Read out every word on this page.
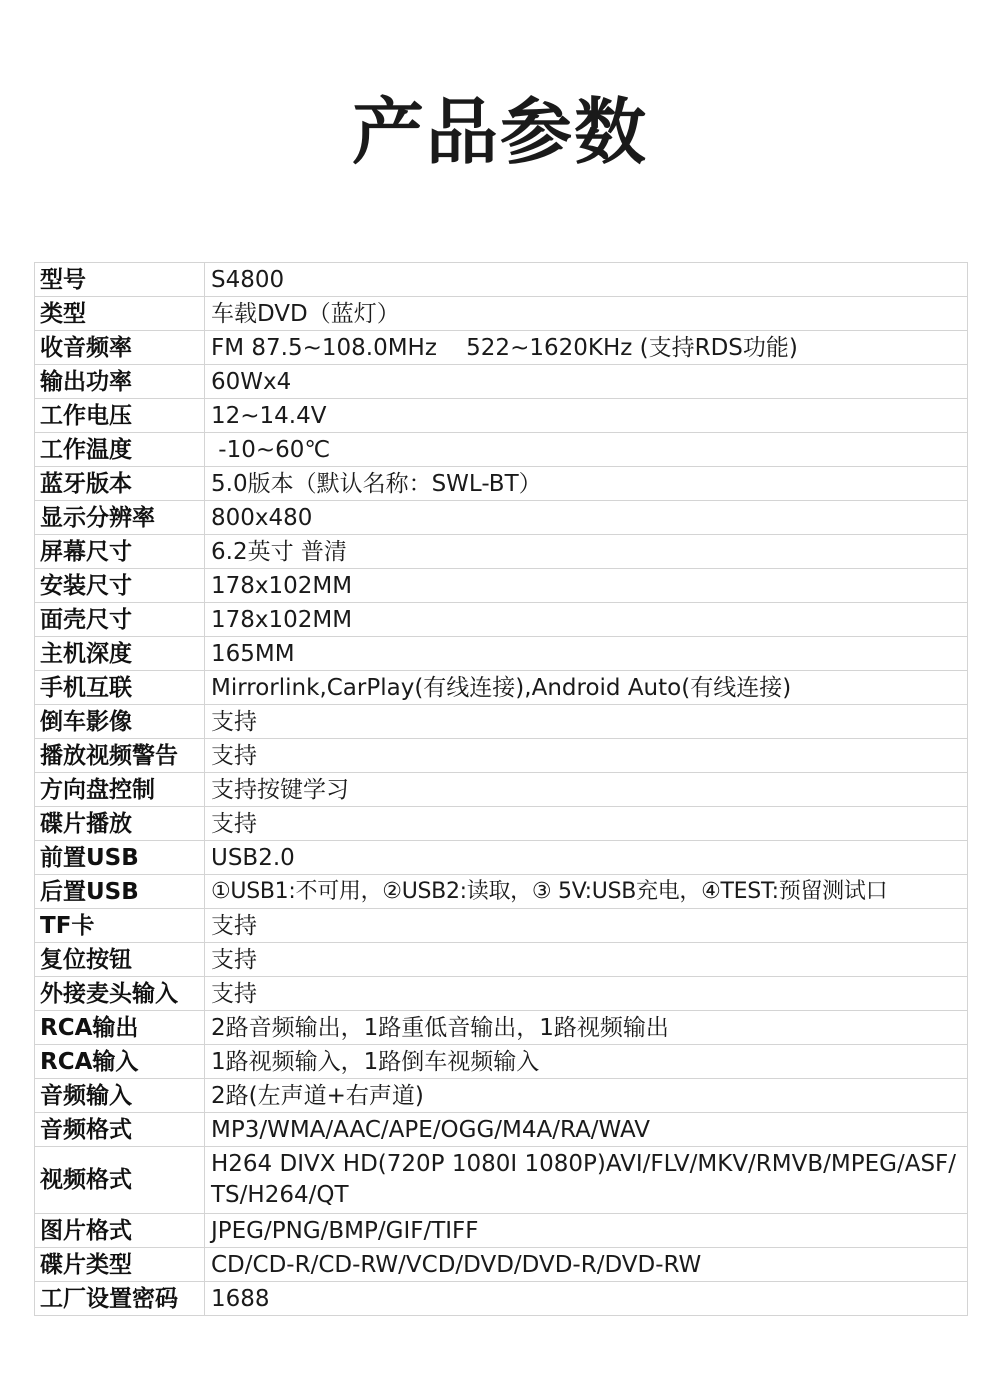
产品参数
型号	S4800
类型	车载DVD（蓝灯）
收音频率	FM 87.5~108.0MHz    522~1620KHz (支持RDS功能)
输出功率	60Wx4
工作电压	12~14.4V
工作温度	-10~60℃
蓝牙版本	5.0版本（默认名称：SWL-BT）
显示分辨率	800x480
屏幕尺寸	6.2英寸 普清
安装尺寸	178x102MM
面壳尺寸	178x102MM
主机深度	165MM
手机互联	Mirrorlink,CarPlay(有线连接),Android Auto(有线连接)
倒车影像	支持
播放视频警告	支持
方向盘控制	支持按键学习
碟片播放	支持
前置USB	USB2.0
后置USB	①USB1:不可用，②USB2:读取，③ 5V:USB充电，④TEST:预留测试口
TF卡	支持
复位按钮	支持
外接麦头输入	支持
RCA输出	2路音频输出，1路重低音输出，1路视频输出
RCA输入	1路视频输入，1路倒车视频输入
音频输入	2路(左声道+右声道)
音频格式	MP3/WMA/AAC/APE/OGG/M4A/RA/WAV
视频格式	H264 DIVX HD(720P 1080I 1080P)AVI/FLV/MKV/RMVB/MPEG/ASF/TS/H264/QT
图片格式	JPEG/PNG/BMP/GIF/TIFF
碟片类型	CD/CD-R/CD-RW/VCD/DVD/DVD-R/DVD-RW
工厂设置密码	1688
